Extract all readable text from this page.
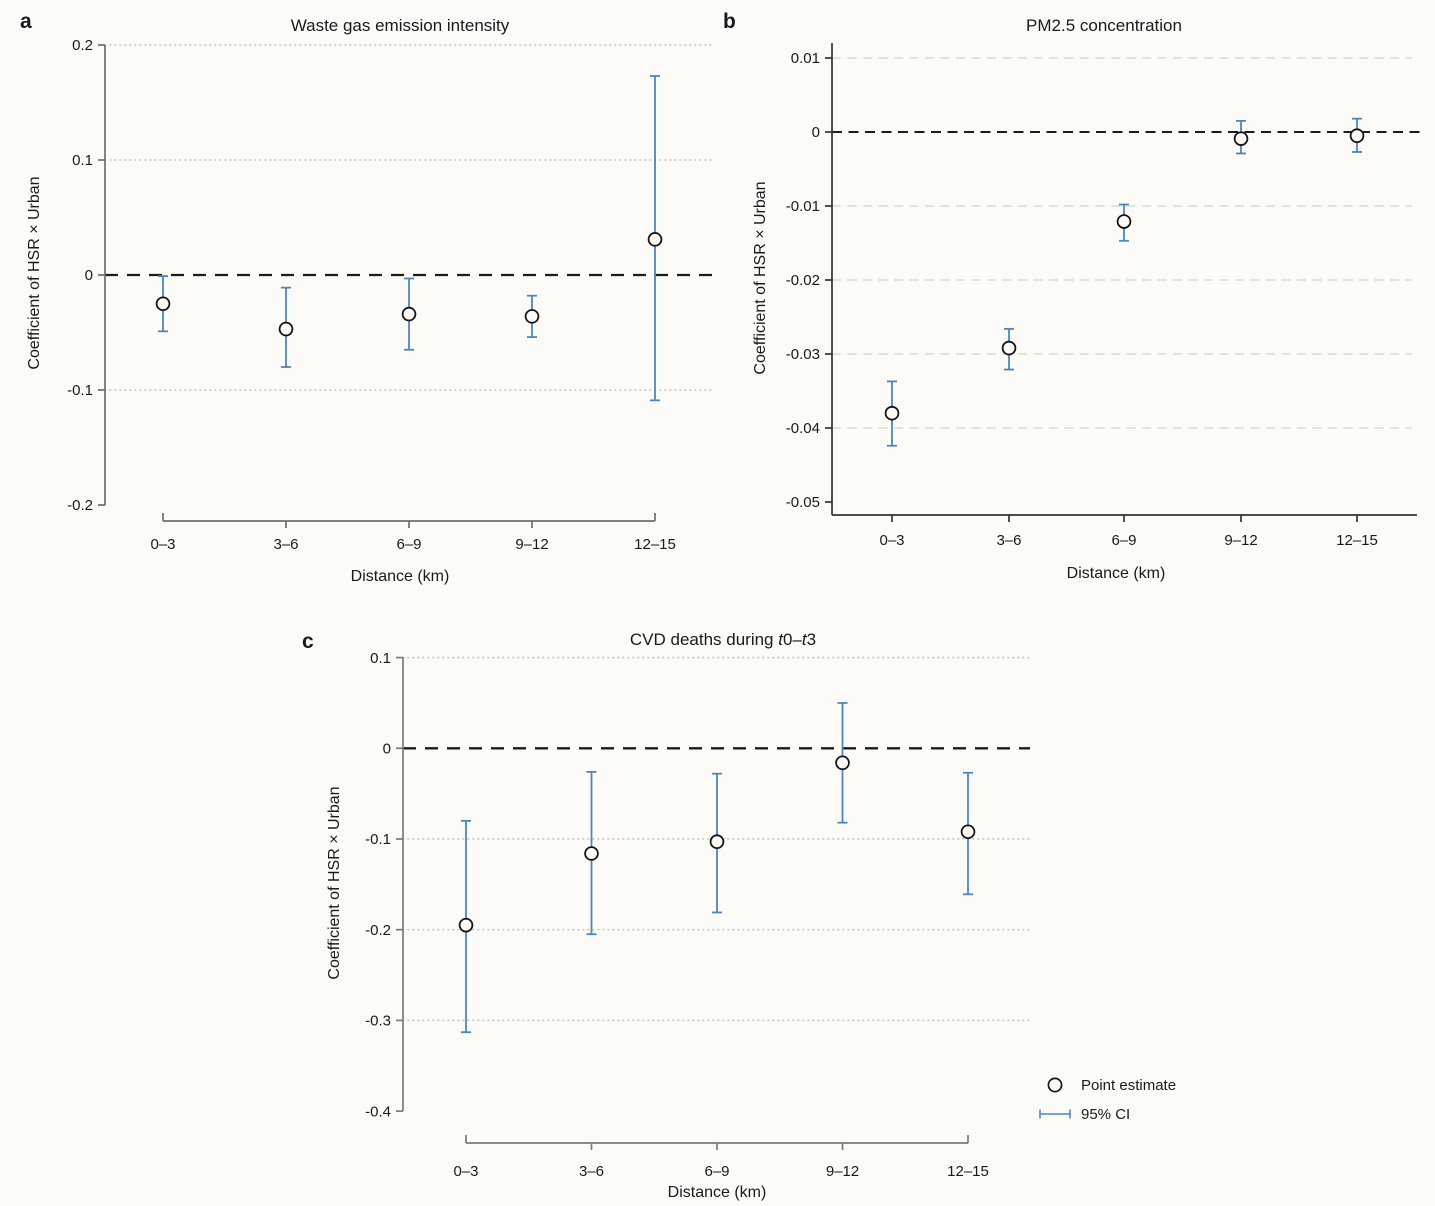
0.2
0.1
0
-0.1
-0.2
0–3	3–6	6–9	9–12	12–15
Distance (km)
Coefficient of HSR × Urban
Waste gas emission intensity
a
0.01
0
-0.01
-0.02
-0.03
-0.04
-0.05
0–3	3–6	6–9	9–12	12–15
Distance (km)
Coefficient of HSR × Urban
PM2.5 concentration
b
0.1
0
-0.1
-0.2
-0.3
-0.4
0–3	3–6	6–9	9–12	12–15
Distance (km)
Coefficient of HSR × Urban
CVD deaths during t0–t3
c
Point estimate
95% CI
